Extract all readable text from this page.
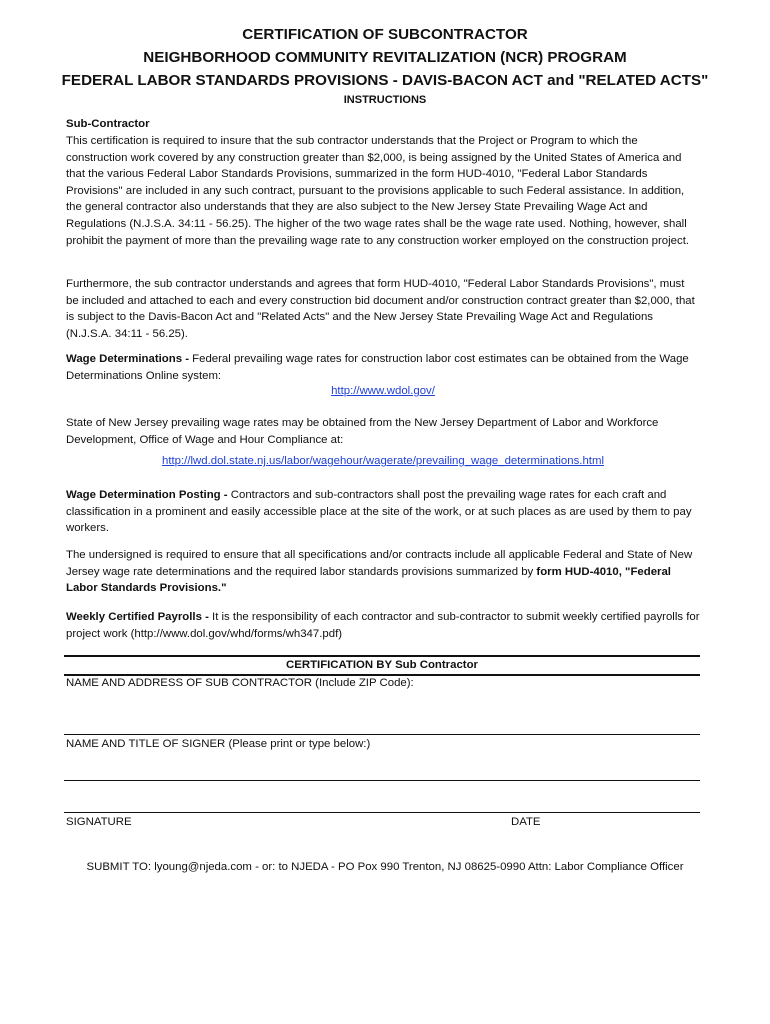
CERTIFICATION OF SUBCONTRACTOR
NEIGHBORHOOD COMMUNITY REVITALIZATION (NCR) PROGRAM
FEDERAL LABOR STANDARDS PROVISIONS - DAVIS-BACON ACT and "RELATED ACTS"
INSTRUCTIONS
Sub-Contractor
This certification is required to insure that the sub contractor understands that the Project or Program to which the construction work covered by any construction greater than $2,000, is being assigned by the United States of America and that the various Federal Labor Standards Provisions, summarized in the form HUD-4010, "Federal Labor Standards Provisions" are included in any such contract, pursuant to the provisions applicable to such Federal assistance. In addition, the general contractor also understands that they are also subject to the New Jersey State Prevailing Wage Act and Regulations (N.J.S.A. 34:11 - 56.25). The higher of the two wage rates shall be the wage rate used. Nothing, however, shall prohibit the payment of more than the prevailing wage rate to any construction worker employed on the construction project.
Furthermore, the sub contractor understands and agrees that form HUD-4010, "Federal Labor Standards Provisions", must be included and attached to each and every construction bid document and/or construction contract greater than $2,000, that is subject to the Davis-Bacon Act and "Related Acts" and the New Jersey State Prevailing Wage Act and Regulations (N.J.S.A. 34:11 - 56.25).
Wage Determinations - Federal prevailing wage rates for construction labor cost estimates can be obtained from the Wage Determinations Online system:
http://www.wdol.gov/
State of New Jersey prevailing wage rates may be obtained from the New Jersey Department of Labor and Workforce Development, Office of Wage and Hour Compliance at:
http://lwd.dol.state.nj.us/labor/wagehour/wagerate/prevailing_wage_determinations.html
Wage Determination Posting - Contractors and sub-contractors shall post the prevailing wage rates for each craft and classification in a prominent and easily accessible place at the site of the work, or at such places as are used by them to pay workers.
The undersigned is required to ensure that all specifications and/or contracts include all applicable Federal and State of New Jersey wage rate determinations and the required labor standards provisions summarized by form HUD-4010, "Federal Labor Standards Provisions."
Weekly Certified Payrolls - It is the responsibility of each contractor and sub-contractor to submit weekly certified payrolls for project work (http://www.dol.gov/whd/forms/wh347.pdf)
CERTIFICATION BY Sub Contractor
NAME AND ADDRESS OF SUB CONTRACTOR (Include ZIP Code):
NAME AND TITLE OF SIGNER (Please print or type below:)
SIGNATURE	DATE
SUBMIT TO: lyoung@njeda.com - or: to NJEDA - PO Pox 990 Trenton, NJ 08625-0990 Attn: Labor Compliance Officer
